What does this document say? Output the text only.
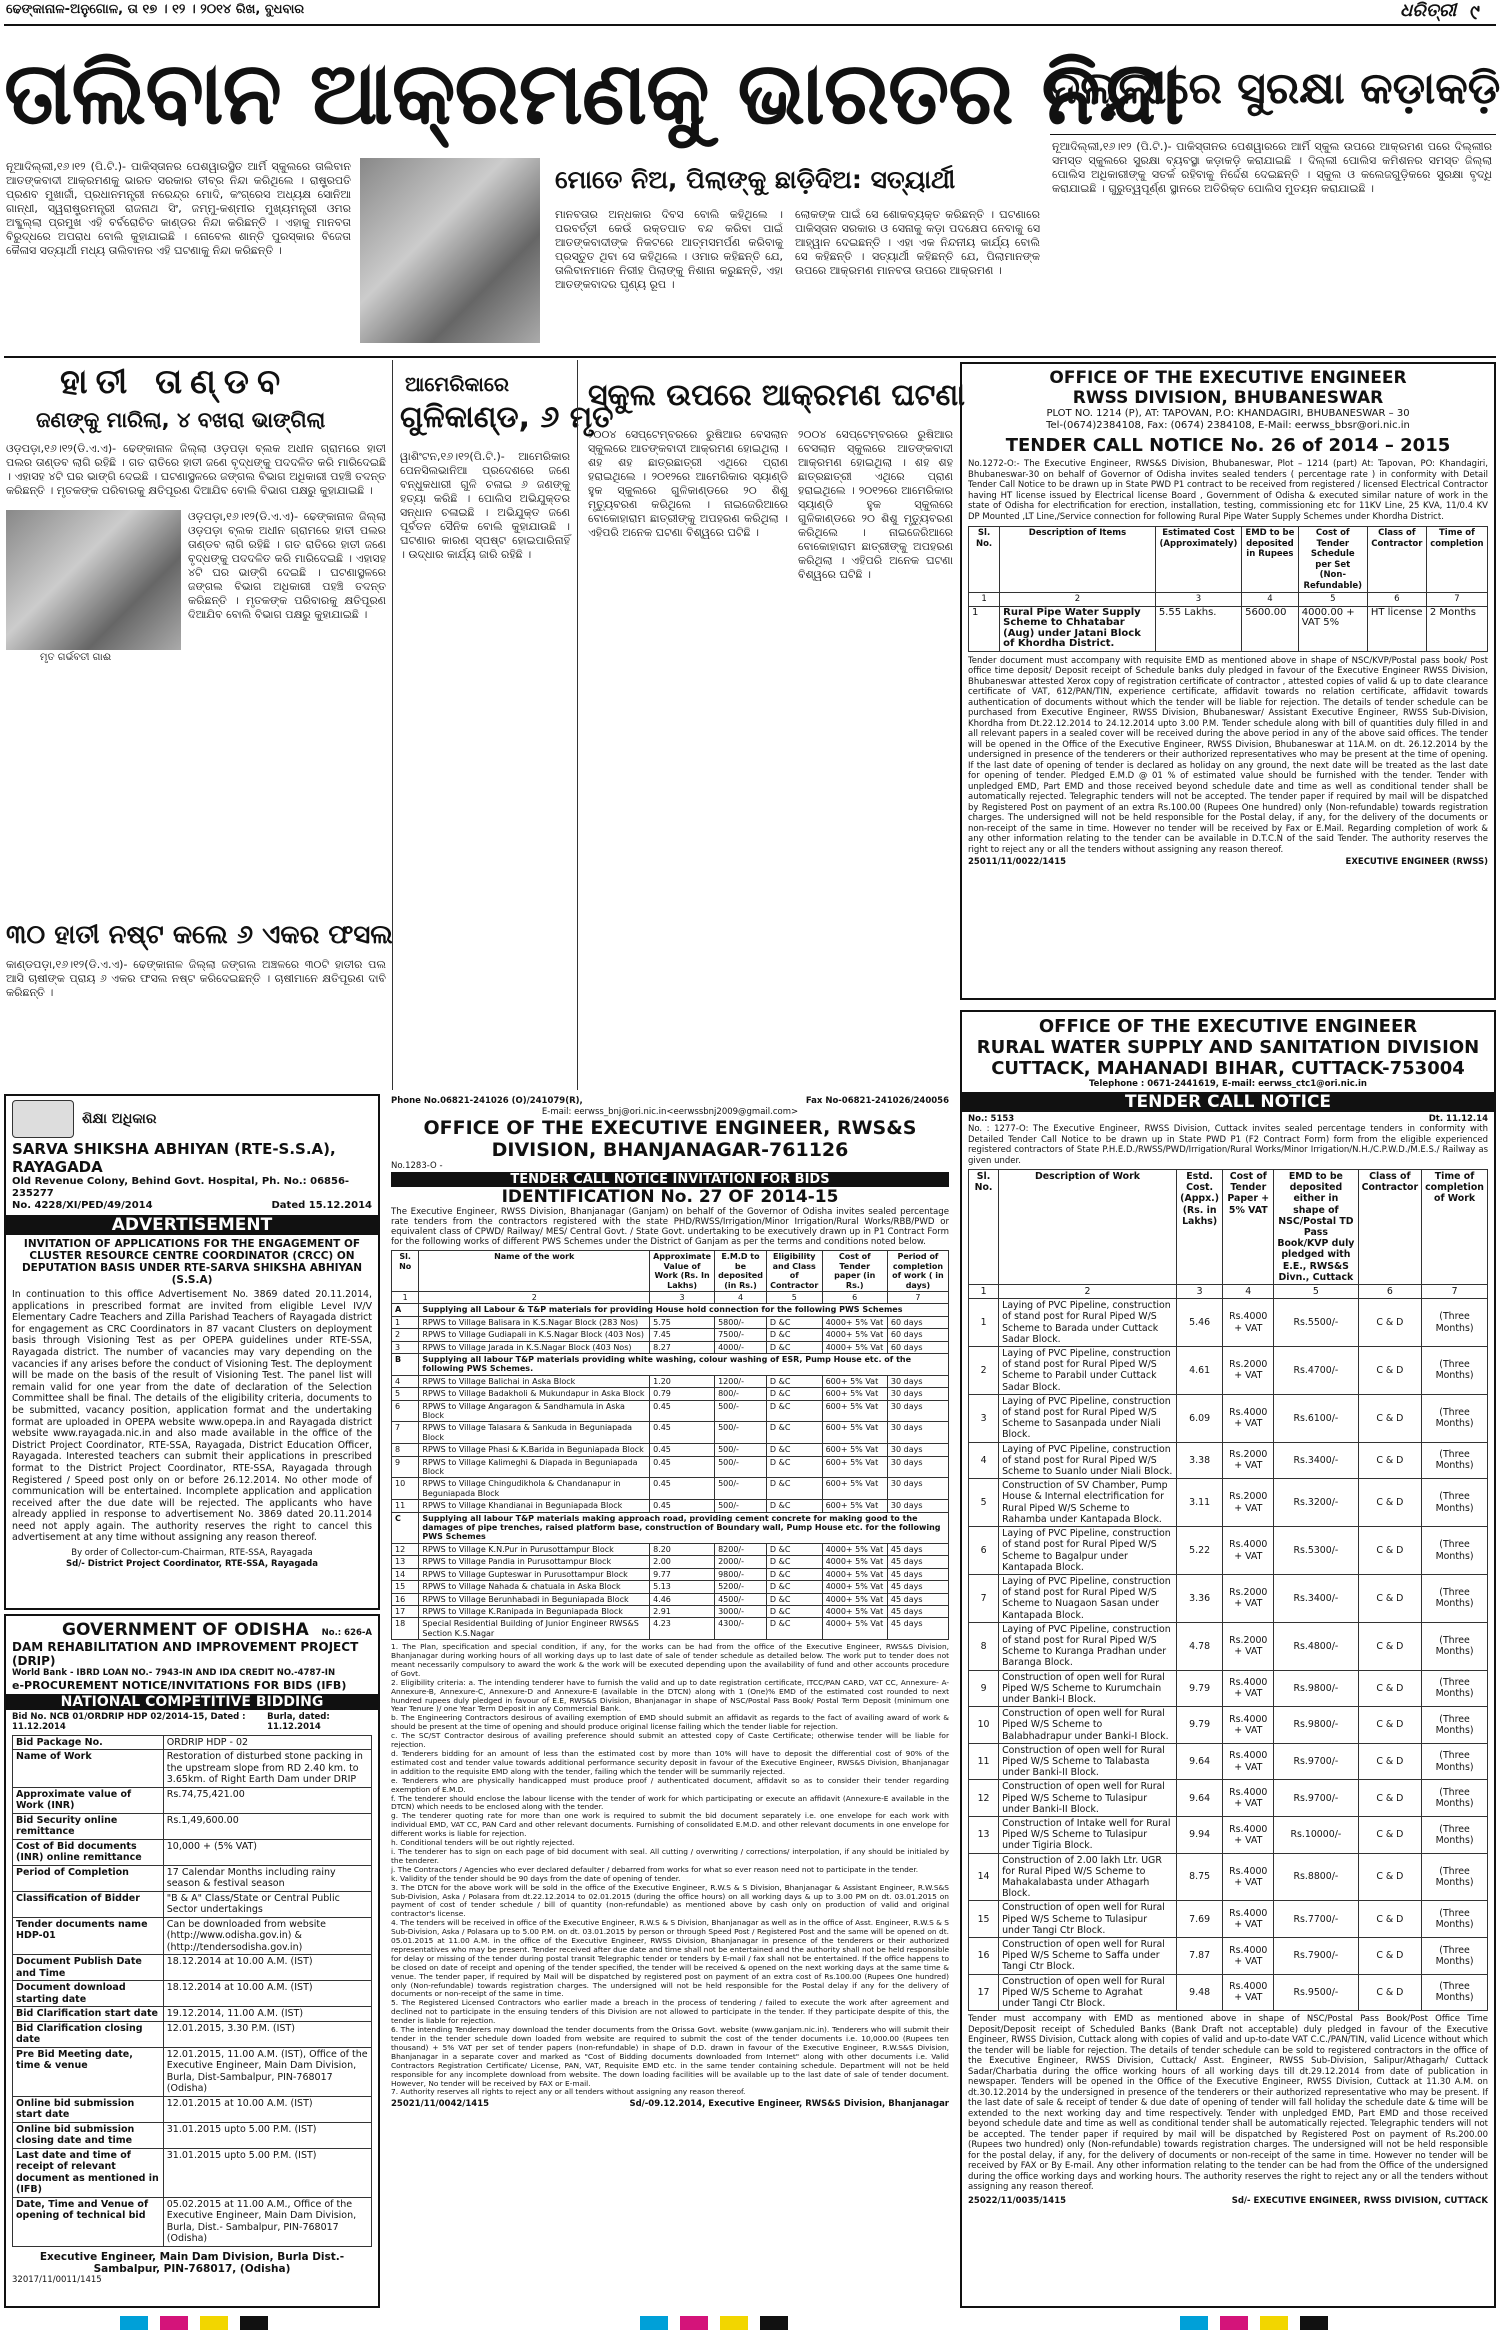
ଢେଙ୍କାନାଳ-ଅନୁଗୋଳ, ତା ୧୭ । ୧୨ । ୨୦୧୪ ରିଖ, ବୁଧବାର	ଧରିତ୍ରୀ ୯
ତାଲିବାନ ଆକ୍ରମଣକୁ ଭାରତର ନିନ୍ଦା
ଦିଲ୍ଲୀରେ ସୁରକ୍ଷା କଡ଼ାକଡ଼ି
ମୋତେ ନିଅ, ପିଲାଙ୍କୁ ଛାଡ଼ିଦିଅ: ସତ୍ୟାର୍ଥୀ
ନୂଆଦିଲ୍ଲୀ,୧୬।୧୨ (ପି.ଟି.)- ପାକିସ୍ତାନର ପେଶୱାରସ୍ଥିତ ଆର୍ମି ସ୍କୁଲରେ ତାଲିବାନ ଆତଙ୍କବାଦୀ ଆକ୍ରମଣକୁ ଭାରତ ସରକାର ତୀବ୍ର ନିନ୍ଦା କରିଥିଲେ । ରାଷ୍ଟ୍ରପତି ପ୍ରଣବ ମୁଖାର୍ଜୀ, ପ୍ରଧାନମନ୍ତ୍ରୀ ନରେନ୍ଦ୍ର ମୋଦି, କଂଗ୍ରେସ ଅଧ୍ୟକ୍ଷ ସୋନିଆ ଗାନ୍ଧୀ, ସ୍ୱରାଷ୍ଟ୍ରମନ୍ତ୍ରୀ ରାଜନାଥ ସିଂ, ଜମ୍ମୁ-କଶ୍ମୀର ମୁଖ୍ୟମନ୍ତ୍ରୀ ଓମର ଅବ୍ଦୁଲ୍ଲା ପ୍ରମୁଖ ଏହି ବର୍ବରୋଚିତ କାଣ୍ଡର ନିନ୍ଦା କରିଛନ୍ତି । ଏହାକୁ ମାନବତା ବିରୁଦ୍ଧରେ ଅପରାଧ ବୋଲି କୁହାଯାଇଛି । ନୋବେଲ ଶାନ୍ତି ପୁରସ୍କାର ବିଜେତା କୈଳାସ ସତ୍ୟାର୍ଥୀ ମଧ୍ୟ ତାଲିବାନର ଏହି ଘଟଣାକୁ ନିନ୍ଦା କରିଛନ୍ତି ।
ମାନବତାର ଅନ୍ଧକାର ଦିବସ ବୋଲି କହିଥିଲେ । ପରବର୍ତ୍ତୀ କେଉଁ ରକ୍ତପାତ ବନ୍ଦ କରିବା ପାଇଁ ଆତଙ୍କବାଦୀଙ୍କ ନିକଟରେ ଆତ୍ମସମର୍ପଣ କରିବାକୁ ପ୍ରସ୍ତୁତ ଥିବା ସେ କହିଥିଲେ । ଓମାର କହିଛନ୍ତି ଯେ, ତାଲିବାନମାନେ ନିରୀହ ପିଲାଙ୍କୁ ନିଶାନା କରୁଛନ୍ତି, ଏହା ଆତଙ୍କବାଦର ଘୃଣ୍ୟ ରୂପ ।
ଲୋକଙ୍କ ପାଇଁ ସେ ଶୋକବ୍ୟକ୍ତ କରିଛନ୍ତି । ଘଟଣାରେ ପାକିସ୍ତାନ ସରକାର ଓ ସେନାକୁ କଡ଼ା ପଦକ୍ଷେପ ନେବାକୁ ସେ ଆହ୍ୱାନ ଦେଇଛନ୍ତି । ଏହା ଏକ ନିନ୍ଦନୀୟ କାର୍ଯ୍ୟ ବୋଲି ସେ କହିଛନ୍ତି । ସତ୍ୟାର୍ଥୀ କହିଛନ୍ତି ଯେ, ପିଲାମାନଙ୍କ ଉପରେ ଆକ୍ରମଣ ମାନବତା ଉପରେ ଆକ୍ରମଣ ।
ନୂଆଦିଲ୍ଲୀ,୧୬।୧୨ (ପି.ଟି.)- ପାକିସ୍ତାନର ପେଶୱାରରେ ଆର୍ମି ସ୍କୁଲ ଉପରେ ଆକ୍ରମଣ ପରେ ଦିଲ୍ଲୀର ସମସ୍ତ ସ୍କୁଲରେ ସୁରକ୍ଷା ବ୍ୟବସ୍ଥା କଡ଼ାକଡ଼ି କରାଯାଇଛି । ଦିଲ୍ଲୀ ପୋଲିସ କମିଶନର ସମସ୍ତ ଜିଲ୍ଲା ପୋଲିସ ଅଧିକାରୀଙ୍କୁ ସତର୍କ ରହିବାକୁ ନିର୍ଦ୍ଦେଶ ଦେଇଛନ୍ତି । ସ୍କୁଲ ଓ କଲେଜଗୁଡ଼ିକରେ ସୁରକ୍ଷା ବୃଦ୍ଧି କରାଯାଇଛି । ଗୁରୁତ୍ୱପୂର୍ଣ୍ଣ ସ୍ଥାନରେ ଅତିରିକ୍ତ ପୋଲିସ ମୁତୟନ କରାଯାଇଛି ।
ହାତୀ ତାଣ୍ଡବ
ଜଣଙ୍କୁ ମାରିଲା, ୪ ବଖରା ଭାଙ୍ଗିଲା
ଓଡ଼ପଡ଼ା,୧୬।୧୨(ଡି.ଏ.ଏ)- ଢେଙ୍କାନାଳ ଜିଲ୍ଲା ଓଡ଼ପଡ଼ା ବ୍ଲକ ଅଧୀନ ଗ୍ରାମରେ ହାତୀ ପଲର ତାଣ୍ଡବ ଲାଗି ରହିଛି । ଗତ ରାତିରେ ହାତୀ ଜଣେ ବୃଦ୍ଧଙ୍କୁ ପଦଦଳିତ କରି ମାରିଦେଇଛି । ଏହାସହ ୪ଟି ଘର ଭାଙ୍ଗି ଦେଇଛି । ଘଟଣାସ୍ଥଳରେ ଜଙ୍ଗଲ ବିଭାଗ ଅଧିକାରୀ ପହଞ୍ଚି ତଦନ୍ତ କରିଛନ୍ତି । ମୃତକଙ୍କ ପରିବାରକୁ କ୍ଷତିପୂରଣ ଦିଆଯିବ ବୋଲି ବିଭାଗ ପକ୍ଷରୁ କୁହାଯାଇଛି ।
ମୃତ ଗର୍ଭବତୀ ଗାଈ
ଓଡ଼ପଡ଼ା,୧୬।୧୨(ଡି.ଏ.ଏ)- ଢେଙ୍କାନାଳ ଜିଲ୍ଲା ଓଡ଼ପଡ଼ା ବ୍ଲକ ଅଧୀନ ଗ୍ରାମରେ ହାତୀ ପଲର ତାଣ୍ଡବ ଲାଗି ରହିଛି । ଗତ ରାତିରେ ହାତୀ ଜଣେ ବୃଦ୍ଧଙ୍କୁ ପଦଦଳିତ କରି ମାରିଦେଇଛି । ଏହାସହ ୪ଟି ଘର ଭାଙ୍ଗି ଦେଇଛି । ଘଟଣାସ୍ଥଳରେ ଜଙ୍ଗଲ ବିଭାଗ ଅଧିକାରୀ ପହଞ୍ଚି ତଦନ୍ତ କରିଛନ୍ତି । ମୃତକଙ୍କ ପରିବାରକୁ କ୍ଷତିପୂରଣ ଦିଆଯିବ ବୋଲି ବିଭାଗ ପକ୍ଷରୁ କୁହାଯାଇଛି ।
୩୦ ହାତୀ ନଷ୍ଟ କଲେ ୬ ଏକର ଫସଲ
କାଣ୍ଡପଡ଼ା,୧୬।୧୨(ଡି.ଏ.ଏ)- ଢେଙ୍କାନାଳ ଜିଲ୍ଲା ଜଙ୍ଗଲ ଅଞ୍ଚଳରେ ୩୦ଟି ହାତୀର ପଲ ଆସି ଚାଷୀଙ୍କ ପ୍ରାୟ ୬ ଏକର ଫସଲ ନଷ୍ଟ କରିଦେଇଛନ୍ତି । ଚାଷୀମାନେ କ୍ଷତିପୂରଣ ଦାବି କରିଛନ୍ତି ।
ଆମେରିକାରେ
ଗୁଳିକାଣ୍ଡ, ୬ ମୃତ
ୱାଶିଂଟନ,୧୬।୧୨(ପି.ଟି.)- ଆମେରିକାର ପେନସିଲଭାନିଆ ପ୍ରଦେଶରେ ଜଣେ ବନ୍ଧୁକଧାରୀ ଗୁଳି ଚଳାଇ ୬ ଜଣଙ୍କୁ ହତ୍ୟା କରିଛି । ପୋଲିସ ଅଭିଯୁକ୍ତର ସନ୍ଧାନ ଚଳାଇଛି । ଅଭିଯୁକ୍ତ ଜଣେ ପୂର୍ବତନ ସୈନିକ ବୋଲି କୁହାଯାଉଛି । ଘଟଣାର କାରଣ ସ୍ପଷ୍ଟ ହୋଇପାରିନାହିଁ । ଉଦ୍ଧାର କାର୍ଯ୍ୟ ଜାରି ରହିଛି ।
ସ୍କୁଲ ଉପରେ ଆକ୍ରମଣ ଘଟଣା
୨୦୦୪ ସେପ୍ଟେମ୍ବରରେ ରୁଷିଆର ବେସଲାନ ସ୍କୁଲରେ ଆତଙ୍କବାଦୀ ଆକ୍ରମଣ ହୋଇଥିଲା । ଶହ ଶହ ଛାତ୍ରଛାତ୍ରୀ ଏଥିରେ ପ୍ରାଣ ହରାଇଥିଲେ । ୨୦୧୨ରେ ଆମେରିକାର ସ୍ୟାଣ୍ଡି ହୁକ ସ୍କୁଲରେ ଗୁଳିକାଣ୍ଡରେ ୨୦ ଶିଶୁ ମୃତ୍ୟୁବରଣ କରିଥିଲେ । ନାଇଜେରିଆରେ ବୋକୋହାରାମ ଛାତ୍ରୀଙ୍କୁ ଅପହରଣ କରିଥିଲା । ଏହିପରି ଅନେକ ଘଟଣା ବିଶ୍ୱରେ ଘଟିଛି ।
୨୦୦୪ ସେପ୍ଟେମ୍ବରରେ ରୁଷିଆର ବେସଲାନ ସ୍କୁଲରେ ଆତଙ୍କବାଦୀ ଆକ୍ରମଣ ହୋଇଥିଲା । ଶହ ଶହ ଛାତ୍ରଛାତ୍ରୀ ଏଥିରେ ପ୍ରାଣ ହରାଇଥିଲେ । ୨୦୧୨ରେ ଆମେରିକାର ସ୍ୟାଣ୍ଡି ହୁକ ସ୍କୁଲରେ ଗୁଳିକାଣ୍ଡରେ ୨୦ ଶିଶୁ ମୃତ୍ୟୁବରଣ କରିଥିଲେ । ନାଇଜେରିଆରେ ବୋକୋହାରାମ ଛାତ୍ରୀଙ୍କୁ ଅପହରଣ କରିଥିଲା । ଏହିପରି ଅନେକ ଘଟଣା ବିଶ୍ୱରେ ଘଟିଛି ।
OFFICE OF THE EXECUTIVE ENGINEER
RWSS DIVISION, BHUBANESWAR
PLOT NO. 1214 (P), AT: TAPOVAN, P.O: KHANDAGIRI, BHUBANESWAR – 30
Tel-(0674)2384108, Fax: (0674) 2384108, E-Mail: eerwss_bbsr@ori.nic.in
TENDER CALL NOTICE No. 26 of 2014 – 2015
No.1272-O:- The Executive Engineer, RWS&S Division, Bhubaneswar, Plot – 1214 (part) At: Tapovan, PO: Khandagiri, Bhubaneswar-30 on behalf of Governor of Odisha invites sealed tenders ( percentage rate ) in conformity with Detail Tender Call Notice to be drawn up in State PWD P1 contract to be received from registered / licensed Electrical Contractor having HT license issued by Electrical license Board , Government of Odisha & executed similar nature of work in the state of Odisha for electrification for erection, installation, testing, commissioning etc for 11KV Line, 25 KVA, 11/0.4 KV DP Mounted ,LT Line,/Service connection for following Rural Pipe Water Supply Schemes under Khordha District.
Sl. No.	Description of Items	Estimated Cost (Approximately)	EMD to be deposited in Rupees	Cost of Tender Schedule per Set (Non-Refundable)	Class of Contractor	Time of completion
1	2	3	4	5	6	7
1	Rural Pipe Water Supply Scheme to Chhatabar (Aug) under Jatani Block of Khordha District.	5.55 Lakhs.	5600.00	4000.00 + VAT 5%	HT license	2 Months
Tender document must accompany with requisite EMD as mentioned above in shape of NSC/KVP/Postal pass book/ Post office time deposit/ Deposit receipt of Schedule banks duly pledged in favour of the Executive Engineer RWSS Division, Bhubaneswar attested Xerox copy of registration certificate of contractor , attested copies of valid & up to date clearance certificate of VAT, 612/PAN/TIN, experience certificate, affidavit towards no relation certificate, affidavit towards authentication of documents without which the tender will be liable for rejection. The details of tender schedule can be purchased from Executive Engineer, RWSS Division, Bhubaneswar/ Assistant Executive Engineer, RWSS Sub-Division, Khordha from Dt.22.12.2014 to 24.12.2014 upto 3.00 P.M. Tender schedule along with bill of quantities duly filled in and all relevant papers in a sealed cover will be received during the above period in any of the above said offices. The tender will be opened in the Office of the Executive Engineer, RWSS Division, Bhubaneswar at 11A.M. on dt. 26.12.2014 by the undersigned in presence of the tenderers or their authorized representatives who may be present at the time of opening. If the last date of opening of tender is declared as holiday on any ground, the next date will be treated as the last date for opening of tender. Pledged E.M.D @ 01 % of estimated value should be furnished with the tender. Tender with unpledged EMD, Part EMD and those received beyond schedule date and time as well as conditional tender shall be automatically rejected. Telegraphic tenders will not be accepted. The tender paper if required by mail will be dispatched by Registered Post on payment of an extra Rs.100.00 (Rupees One hundred) only (Non-refundable) towards registration charges. The undersigned will not be held responsible for the Postal delay, if any, for the delivery of the documents or non-receipt of the same in time. However no tender will be received by Fax or E.Mail. Regarding completion of work & any other information relating to the tender can be available in D.T.C.N of the said Tender. The authority reserves the right to reject any or all the tenders without assigning any reason thereof.
25011/11/0022/1415	EXECUTIVE ENGINEER (RWSS)
ଶିକ୍ଷା ଅଧିକାର
SARVA SHIKSHA ABHIYAN (RTE-S.S.A), RAYAGADA
Old Revenue Colony, Behind Govt. Hospital, Ph. No.: 06856-235277
No. 4228/XI/PED/49/2014	Dated 15.12.2014
ADVERTISEMENT
INVITATION OF APPLICATIONS FOR THE ENGAGEMENT OF CLUSTER RESOURCE CENTRE COORDINATOR (CRCC) ON DEPUTATION BASIS UNDER RTE-SARVA SHIKSHA ABHIYAN (S.S.A)
In continuation to this office Advertisement No. 3869 dated 20.11.2014, applications in prescribed format are invited from eligible Level IV/V Elementary Cadre Teachers and Zilla Parishad Teachers of Rayagada district for engagement as CRC Coordinators in 87 vacant Clusters on deployment basis through Visioning Test as per OPEPA guidelines under RTE-SSA, Rayagada district. The number of vacancies may vary depending on the vacancies if any arises before the conduct of Visioning Test. The deployment will be made on the basis of the result of Visioning Test. The panel list will remain valid for one year from the date of declaration of the Selection Committee shall be final. The details of the eligibility criteria, documents to be submitted, vacancy position, application format and the undertaking format are uploaded in OPEPA website www.opepa.in and Rayagada district website www.rayagada.nic.in and also made available in the office of the District Project Coordinator, RTE-SSA, Rayagada, District Education Officer, Rayagada. Interested teachers can submit their applications in prescribed format to the District Project Coordinator, RTE-SSA, Rayagada through Registered / Speed post only on or before 26.12.2014. No other mode of communication will be entertained. Incomplete application and application received after the due date will be rejected. The applicants who have already applied in response to advertisement No. 3869 dated 20.11.2014 need not apply again. The authority reserves the right to cancel this advertisement at any time without assigning any reason thereof.
By order of Collector-cum-Chairman, RTE-SSA, Rayagada
Sd/- District Project Coordinator, RTE-SSA, Rayagada
GOVERNMENT OF ODISHA No.: 626-A
DAM REHABILITATION AND IMPROVEMENT PROJECT (DRIP)
World Bank - IBRD LOAN NO.- 7943-IN AND IDA CREDIT NO.-4787-IN
e-PROCUREMENT NOTICE/INVITATIONS FOR BIDS (IFB)
NATIONAL COMPETITIVE BIDDING
Bid No. NCB 01/ORDRIP HDP 02/2014-15, Dated : 11.12.2014
Burla, dated: 11.12.2014
Bid Package No.	ORDRIP HDP - 02
Name of Work	Restoration of disturbed stone packing in the upstream slope from RD 2.40 km. to 3.65km. of Right Earth Dam under DRIP
Approximate value of Work (INR)	Rs.74,75,421.00
Bid Security online remittance	Rs.1,49,600.00
Cost of Bid documents (INR) online remittance	10,000 + (5% VAT)
Period of Completion	17 Calendar Months including rainy season & festival season
Classification of Bidder	"B & A" Class/State or Central Public Sector undertakings
Tender documents name HDP-01	Can be downloaded from website (http://www.odisha.gov.in) & (http://tendersodisha.gov.in)
Document Publish Date and Time	18.12.2014 at 10.00 A.M. (IST)
Document download starting date	18.12.2014 at 10.00 A.M. (IST)
Bid Clarification start date	19.12.2014, 11.00 A.M. (IST)
Bid Clarification closing date	12.01.2015, 3.30 P.M. (IST)
Pre Bid Meeting date, time & venue	12.01.2015, 11.00 A.M. (IST), Office of the Executive Engineer, Main Dam Division, Burla, Dist-Sambalpur, PIN-768017 (Odisha)
Online bid submission start date	12.01.2015 at 10.00 A.M. (IST)
Online bid submission closing date and time	31.01.2015 upto 5.00 P.M. (IST)
Last date and time of receipt of relevant document as mentioned in (IFB)	31.01.2015 upto 5.00 P.M. (IST)
Date, Time and Venue of opening of technical bid	05.02.2015 at 11.00 A.M., Office of the Executive Engineer, Main Dam Division, Burla, Dist.- Sambalpur, PIN-768017 (Odisha)
Executive Engineer, Main Dam Division, Burla Dist.- Sambalpur, PIN-768017, (Odisha)
32017/11/0011/1415
Phone No.06821-241026 (O)/241079(R),	Fax No-06821-241026/240056
E-mail: eerwss_bnj@ori.nic.in<eerwssbnj2009@gmail.com>
OFFICE OF THE EXECUTIVE ENGINEER, RWS&S DIVISION, BHANJANAGAR-761126
No.1283-O -
TENDER CALL NOTICE INVITATION FOR BIDS
IDENTIFICATION No. 27 OF 2014-15
The Executive Engineer, RWSS Division, Bhanjanagar (Ganjam) on behalf of the Governor of Odisha invites sealed percentage rate tenders from the contractors registered with the state PHD/RWSS/Irrigation/Minor Irrigation/Rural Works/RBB/PWD or equivalent class of CPWD/ Railway/ MES/ Central Govt. / State Govt. undertaking to be executively drawn up in P1 Contract Form for the following works of different PWS Schemes under the District of Ganjam as per the terms and conditions noted below.
Sl. No	Name of the work	Approximate Value of Work (Rs. In Lakhs)	E.M.D to be deposited (in Rs.)	Eligibility and Class of Contractor	Cost of Tender paper (in Rs.)	Period of completion of work ( in days)
1	2	3	4	5	6	7
A	Supplying all Labour & T&P materials for providing House hold connection for the following PWS Schemes					
1	RPWS to Village Balisara in K.S.Nagar Block (283 Nos)	5.75	5800/-	D &C	4000+ 5% Vat	60 days
2	RPWS to Village Gudiapali in K.S.Nagar Block (403 Nos)	7.45	7500/-	D &C	4000+ 5% Vat	60 days
3	RPWS to Village Jarada in K.S.Nagar Block (403 Nos)	8.27	4000/-	D &C	4000+ 5% Vat	60 days
B	Supplying all labour T&P materials providing white washing, colour washing of ESR, Pump House etc. of the following PWS Schemes.					
4	RPWS to Village Balichai in Aska Block	1.20	1200/-	D &C	600+ 5% Vat	30 days
5	RPWS to Village Badakholi & Mukundapur in Aska Block	0.79	800/-	D &C	600+ 5% Vat	30 days
6	RPWS to Village Angaragon & Sandhamula in Aska Block	0.45	500/-	D &C	600+ 5% Vat	30 days
7	RPWS to Village Talasara & Sankuda in Beguniapada Block	0.45	500/-	D &C	600+ 5% Vat	30 days
8	RPWS to Village Phasi & K.Barida in Beguniapada Block	0.45	500/-	D &C	600+ 5% Vat	30 days
9	RPWS to Village Kalimeghi & Diapada in Beguniapada Block	0.45	500/-	D &C	600+ 5% Vat	30 days
10	RPWS to Village Chingudikhola & Chandanapur in Beguniapada Block	0.45	500/-	D &C	600+ 5% Vat	30 days
11	RPWS to Village Khandianai in Beguniapada Block	0.45	500/-	D &C	600+ 5% Vat	30 days
C	Supplying all labour T&P materials making approach road, providing cement concrete for making good to the damages of pipe trenches, raised platform base, construction of Boundary wall, Pump House etc. for the following PWS Schemes					
12	RPWS to Village K.N.Pur in Purusottampur Block	8.20	8200/-	D &C	4000+ 5% Vat	45 days
13	RPWS to Village Pandia in Purusottampur Block	2.00	2000/-	D &C	4000+ 5% Vat	45 days
14	RPWS to Village Gupteswar in Purusottampur Block	9.77	9800/-	D &C	4000+ 5% Vat	45 days
15	RPWS to Village Nahada & chatuala in Aska Block	5.13	5200/-	D &C	4000+ 5% Vat	45 days
16	RPWS to Village Berunhabadi in Beguniapada Block	4.46	4500/-	D &C	4000+ 5% Vat	45 days
17	RPWS to Village K.Ranipada in Beguniapada Block	2.91	3000/-	D &C	4000+ 5% Vat	45 days
18	Special Residential Building of Junior Engineer RWS&S Section K.S.Nagar	4.23	4300/-	D &C	4000+ 5% Vat	45 days
1. The Plan, specification and special condition, if any, for the works can be had from the office of the Executive Engineer, RWS&S Division, Bhanjanagar during working hours of all working days up to last date of sale of tender schedule as detailed below. The work put to tender does not meant necessarily compulsory to award the work & the work will be executed depending upon the availability of fund and other accounts procedure of Govt.
2. Eligibility criteria: a. The intending tenderer have to furnish the valid and up to date registration certificate, ITCC/PAN CARD, VAT CC, Annexure- A-Annexure-B, Annexure-C, Annexure-D and Annexure-E (available in the DTCN) along with 1 (One)% EMD of the estimated cost rounded to next hundred rupees duly pledged in favour of E.E, RWS&S Division, Bhanjanagar in shape of NSC/Postal Pass Book/ Postal Term Deposit (minimum one Year Tenure )/ one Year Term Deposit in any Commercial Bank.
b. The Engineering Contractors desirous of availing exemption of EMD should submit an affidavit as regards to the fact of availing award of work & should be present at the time of opening and should produce original license failing which the tender liable for rejection.
c. The SC/ST Contractor desirous of availing preference should submit an attested copy of Caste Certificate; otherwise tender will be liable for rejection.
d. Tenderers bidding for an amount of less than the estimated cost by more than 10% will have to deposit the differential cost of 90% of the estimated cost and tender value towards additional performance security deposit in favour of the Executive Engineer, RWS&S Division, Bhanjanagar in addition to the requisite EMD along with the tender, failing which the tender will be summarily rejected.
e. Tenderers who are physically handicapped must produce proof / authenticated document, affidavit so as to consider their tender regarding exemption of E.M.D.
f. The tenderer should enclose the labour license with the tender of work for which participating or execute an affidavit (Annexure-E available in the DTCN) which needs to be enclosed along with the tender.
g. The tenderer quoting rate for more than one work is required to submit the bid document separately i.e. one envelope for each work with individual EMD, VAT CC, PAN Card and other relevant documents. Furnishing of consolidated E.M.D. and other relevant documents in one envelope for different works is liable for rejection.
h. Conditional tenders will be out rightly rejected.
i. The tenderer has to sign on each page of bid document with seal. All cutting / overwriting / corrections/ interpolation, if any should be initialed by the tenderer.
j. The Contractors / Agencies who ever declared defaulter / debarred from works for what so ever reason need not to participate in the tender.
k. Validity of the tender should be 90 days from the date of opening of tender.
3. The DTCN for the above work will be sold in the office of the Executive Engineer, R.W.S & S Division, Bhanjanagar & Assistant Engineer, R.W.S&S Sub-Division, Aska / Polasara from dt.22.12.2014 to 02.01.2015 (during the office hours) on all working days & up to 3.00 PM on dt. 03.01.2015 on payment of cost of tender schedule / bill of quantity (non-refundable) as mentioned above by cash only on production of valid and original contractor's license.
4. The tenders will be received in office of the Executive Engineer, R.W.S & S Division, Bhanjanagar as well as in the office of Asst. Engineer, R.W.S & S Sub-Division, Aska / Polasara up to 5.00 P.M. on dt. 03.01.2015 by person or through Speed Post / Registered Post and the same will be opened on dt. 05.01.2015 at 11.00 A.M. in the office of the Executive Engineer, RWSS Division, Bhanjanagar in presence of the tenderers or their authorized representatives who may be present. Tender received after due date and time shall not be entertained and the authority shall not be held responsible for delay or missing of the tender during postal transit Telegraphic tender or tenders by E-mail / fax shall not be entertained. If the office happens to be closed on date of receipt and opening of the tender specified, the tender will be received & opened on the next working days at the same time & venue. The tender paper, if required by Mail will be dispatched by registered post on payment of an extra cost of Rs.100.00 (Rupees One hundred) only (Non-refundable) towards registration charges. The undersigned will not be held responsible for the Postal delay if any for the delivery of documents or non-receipt of the same in time.
5. The Registered Licensed Contractors who earlier made a breach in the process of tendering / failed to execute the work after agreement and declined not to participate in the ensuing tenders of this Division are not allowed to participate in the tender. If they participate despite of this, the tender is liable for rejection.
6. The intending Tenderers may download the tender documents from the Orissa Govt. website (www.ganjam.nic.in). Tenderers who will submit their tender in the tender schedule down loaded from website are required to submit the cost of the tender documents i.e. 10,000.00 (Rupees ten thousand) + 5% VAT per set of tender papers (non-refundable) in shape of D.D. drawn in favour of the Executive Engineer, R.W.S&S Division, Bhanjanagar in a separate cover and marked as "Cost of Bidding documents downloaded from Internet" along with other documents i.e. Valid Contractors Registration Certificate/ License, PAN, VAT, Requisite EMD etc. in the same tender containing schedule. Department will not be held responsible for any incomplete download from website. The down loading facilities will be available up to the last date of sale of tender document. However, No tender will be received by FAX or E-mail.
7. Authority reserves all rights to reject any or all tenders without assigning any reason thereof.
25021/11/0042/1415	Sd/-09.12.2014, Executive Engineer, RWS&S Division, Bhanjanagar
OFFICE OF THE EXECUTIVE ENGINEER
RURAL WATER SUPPLY AND SANITATION DIVISION
CUTTACK, MAHANADI BIHAR, CUTTACK-753004
Telephone : 0671-2441619, E-mail: eerwss_ctc1@ori.nic.in
TENDER CALL NOTICE
No.: 5153	Dt. 11.12.14
No. : 1277-O: The Executive Engineer, RWSS Division, Cuttack invites sealed percentage tenders in conformity with Detailed Tender Call Notice to be drawn up in State PWD P1 (F2 Contract Form) form from the eligible experienced registered contractors of State P.H.E.D./RWSS/PWD/Irrigation/Rural Works/Minor Irrigation/N.H./C.P.W.D./M.E.S./ Railway as given under.
Sl. No.	Description of Work	Estd. Cost. (Appx.) (Rs. in Lakhs)	Cost of Tender Paper + 5% VAT	EMD to be deposited either in shape of NSC/Postal TD Pass Book/KVP duly pledged with E.E., RWS&S Divn., Cuttack	Class of Contractor	Time of completion of Work
1	2	3	4	5	6	7
1	Laying of PVC Pipeline, construction of stand post for Rural Piped W/S Scheme to Barada under Cuttack Sadar Block.	5.46	Rs.4000 + VAT	Rs.5500/-	C & D	(Three Months)
2	Laying of PVC Pipeline, construction of stand post for Rural Piped W/S Scheme to Parabil under Cuttack Sadar Block.	4.61	Rs.2000 + VAT	Rs.4700/-	C & D	(Three Months)
3	Laying of PVC Pipeline, construction of stand post for Rural Piped W/S Scheme to Sasanpada under Niali Block.	6.09	Rs.4000 + VAT	Rs.6100/-	C & D	(Three Months)
4	Laying of PVC Pipeline, construction of stand post for Rural Piped W/S Scheme to Suanlo under Niali Block.	3.38	Rs.2000 + VAT	Rs.3400/-	C & D	(Three Months)
5	Construction of SV Chamber, Pump House & Internal electrification for Rural Piped W/S Scheme to Rahamba under Kantapada Block.	3.11	Rs.2000 + VAT	Rs.3200/-	C & D	(Three Months)
6	Laying of PVC Pipeline, construction of stand post for Rural Piped W/S Scheme to Bagalpur under Kantapada Block.	5.22	Rs.4000 + VAT	Rs.5300/-	C & D	(Three Months)
7	Laying of PVC Pipeline, construction of stand post for Rural Piped W/S Scheme to Nuagaon Sasan under Kantapada Block.	3.36	Rs.2000 + VAT	Rs.3400/-	C & D	(Three Months)
8	Laying of PVC Pipeline, construction of stand post for Rural Piped W/S Scheme to Kuranga Pradhan under Baranga Block.	4.78	Rs.2000 + VAT	Rs.4800/-	C & D	(Three Months)
9	Construction of open well for Rural Piped W/S Scheme to Kurumchain under Banki-I Block.	9.79	Rs.4000 + VAT	Rs.9800/-	C & D	(Three Months)
10	Construction of open well for Rural Piped W/S Scheme to Balabhadrapur under Banki-I Block.	9.79	Rs.4000 + VAT	Rs.9800/-	C & D	(Three Months)
11	Construction of open well for Rural Piped W/S Scheme to Talabasta under Banki-II Block.	9.64	Rs.4000 + VAT	Rs.9700/-	C & D	(Three Months)
12	Construction of open well for Rural Piped W/S Scheme to Tulasipur under Banki-II Block.	9.64	Rs.4000 + VAT	Rs.9700/-	C & D	(Three Months)
13	Construction of Intake well for Rural Piped W/S Scheme to Tulasipur under Tigiria Block.	9.94	Rs.4000 + VAT	Rs.10000/-	C & D	(Three Months)
14	Construction of 2.00 lakh Ltr. UGR for Rural Piped W/S Scheme to Mahakalabasta under Athagarh Block.	8.75	Rs.4000 + VAT	Rs.8800/-	C & D	(Three Months)
15	Construction of open well for Rural Piped W/S Scheme to Tulasipur under Tangi Ctr Block.	7.69	Rs.4000 + VAT	Rs.7700/-	C & D	(Three Months)
16	Construction of open well for Rural Piped W/S Scheme to Saffa under Tangi Ctr Block.	7.87	Rs.4000 + VAT	Rs.7900/-	C & D	(Three Months)
17	Construction of open well for Rural Piped W/S Scheme to Agrahat under Tangi Ctr Block.	9.48	Rs.4000 + VAT	Rs.9500/-	C & D	(Three Months)
Tender must accompany with EMD as mentioned above in shape of NSC/Postal Pass Book/Post Office Time Deposit/Deposit receipt of Scheduled Banks (Bank Draft not acceptable) duly pledged in favour of the Executive Engineer, RWSS Division, Cuttack along with copies of valid and up-to-date VAT C.C./PAN/TIN, valid Licence without which the tender will be liable for rejection. The details of tender schedule can be sold to registered contractors in the office of the Executive Engineer, RWSS Division, Cuttack/ Asst. Engineer, RWSS Sub-Division, Salipur/Athagarh/ Cuttack Sadar/Charbatia during the office working hours of all working days till dt.29.12.2014 from date of publication in newspaper. Tenders will be opened in the Office of the Executive Engineer, RWSS Division, Cuttack at 11.30 A.M. on dt.30.12.2014 by the undersigned in presence of the tenderers or their authorized representative who may be present. If the last date of sale & receipt of tender & due date of opening of tender will fall holiday the schedule date & time will be extended to the next working day and time respectively. Tender with unpledged EMD, Part EMD and those received beyond schedule date and time as well as conditional tender shall be automatically rejected. Telegraphic tenders will not be accepted. The tender paper if required by mail will be dispatched by Registered Post on payment of Rs.200.00 (Rupees two hundred) only (Non-refundable) towards registration charges. The undersigned will not be held responsible for the postal delay, if any, for the delivery of documents or non-receipt of the same in time. However no tender will be received by FAX or By E-mail. Any other information relating to the tender can be had from the Office of the undersigned during the office working days and working hours. The authority reserves the right to reject any or all the tenders without assigning any reason thereof.
25022/11/0035/1415	Sd/- EXECUTIVE ENGINEER, RWSS DIVISION, CUTTACK
